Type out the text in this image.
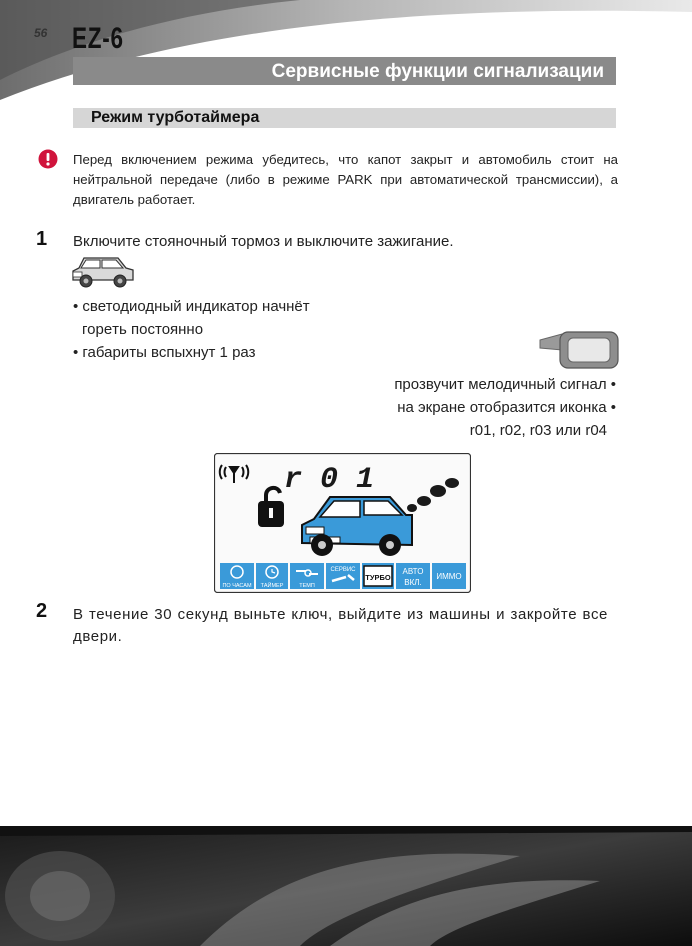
56 EZ-6
Сервисные функции сигнализации
Режим турботаймера
Перед включением режима убедитесь, что капот закрыт и автомобиль стоит на нейтральной передаче (либо в режиме PARK при автоматической трансмиссии), а двигатель работает.
1 Включите стояночный тормоз и выключите зажигание.
• светодиодный индикатор начнёт
горeть постоянно
• габариты вспыхнут 1 раз
прозвучит мелодичный сигнал •
на экране отобразится иконка •
r01, r02, r03 или r04
r 0 1
ПО ЧАСАМ ТАЙМЕР	ТЕМП
СЕРВИС
ТУРБО
АВТО
ВКЛ.
ИММО
2 В течение 30 секунд выньте ключ, выйдите из машины и закройте все двери.
